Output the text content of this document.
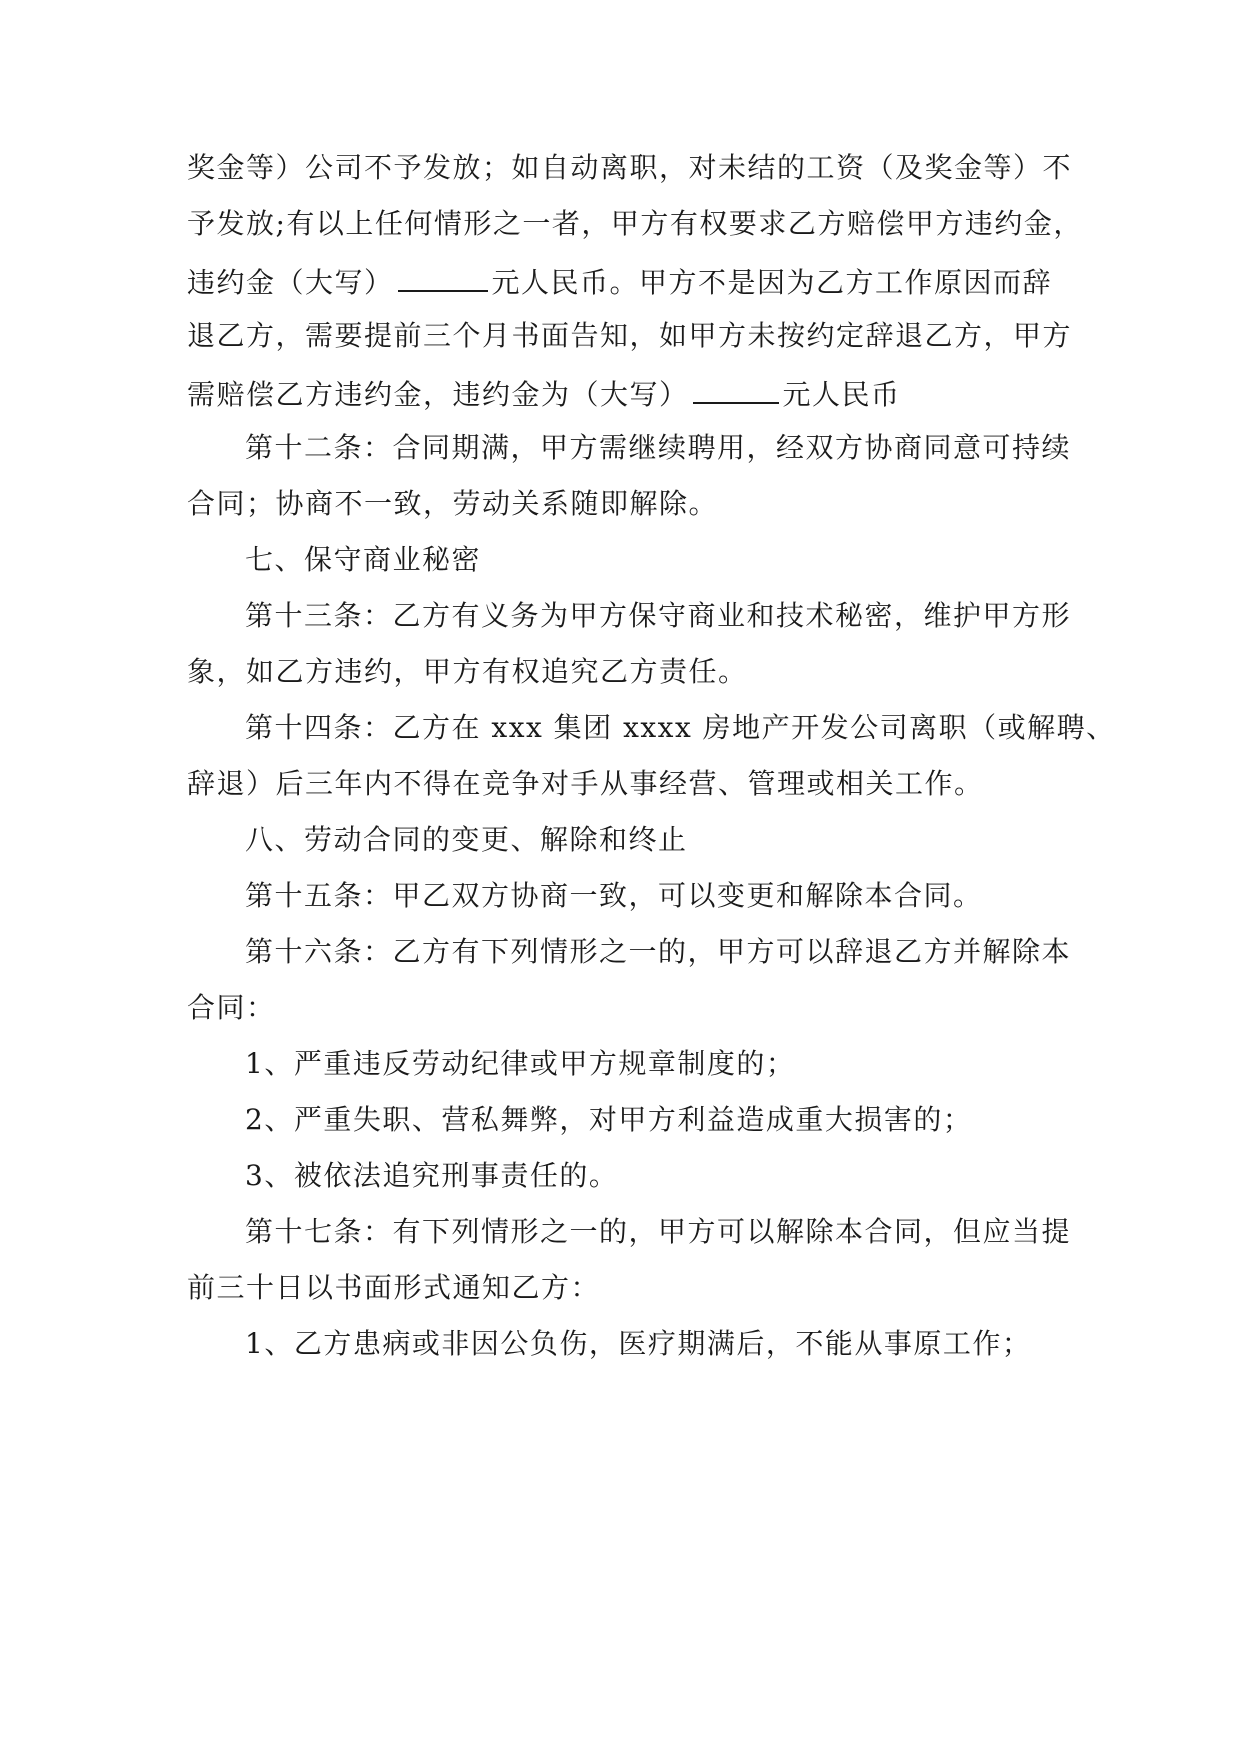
奖金等）公司不予发放；如自动离职，对未结的工资（及奖金等）不
予发放;有以上任何情形之一者，甲方有权要求乙方赔偿甲方违约金，
违约金（大写）	元人民币。甲方不是因为乙方工作原因而辞
退乙方，需要提前三个月书面告知，如甲方未按约定辞退乙方，甲方
需赔偿乙方违约金，违约金为（大写）	元人民币
第十二条：合同期满，甲方需继续聘用，经双方协商同意可持续
合同；协商不一致，劳动关系随即解除。
七、保守商业秘密
第十三条：乙方有义务为甲方保守商业和技术秘密，维护甲方形
象，如乙方违约，甲方有权追究乙方责任。
第十四条：乙方在 xxx 集团 xxxx 房地产开发公司离职（或解聘、
辞退）后三年内不得在竞争对手从事经营、管理或相关工作。
八、劳动合同的变更、解除和终止
第十五条：甲乙双方协商一致，可以变更和解除本合同。
第十六条：乙方有下列情形之一的，甲方可以辞退乙方并解除本
合同：
1、严重违反劳动纪律或甲方规章制度的；
2、严重失职、营私舞弊，对甲方利益造成重大损害的；
3、被依法追究刑事责任的。
第十七条：有下列情形之一的，甲方可以解除本合同，但应当提
前三十日以书面形式通知乙方：
1、乙方患病或非因公负伤，医疗期满后，不能从事原工作；
